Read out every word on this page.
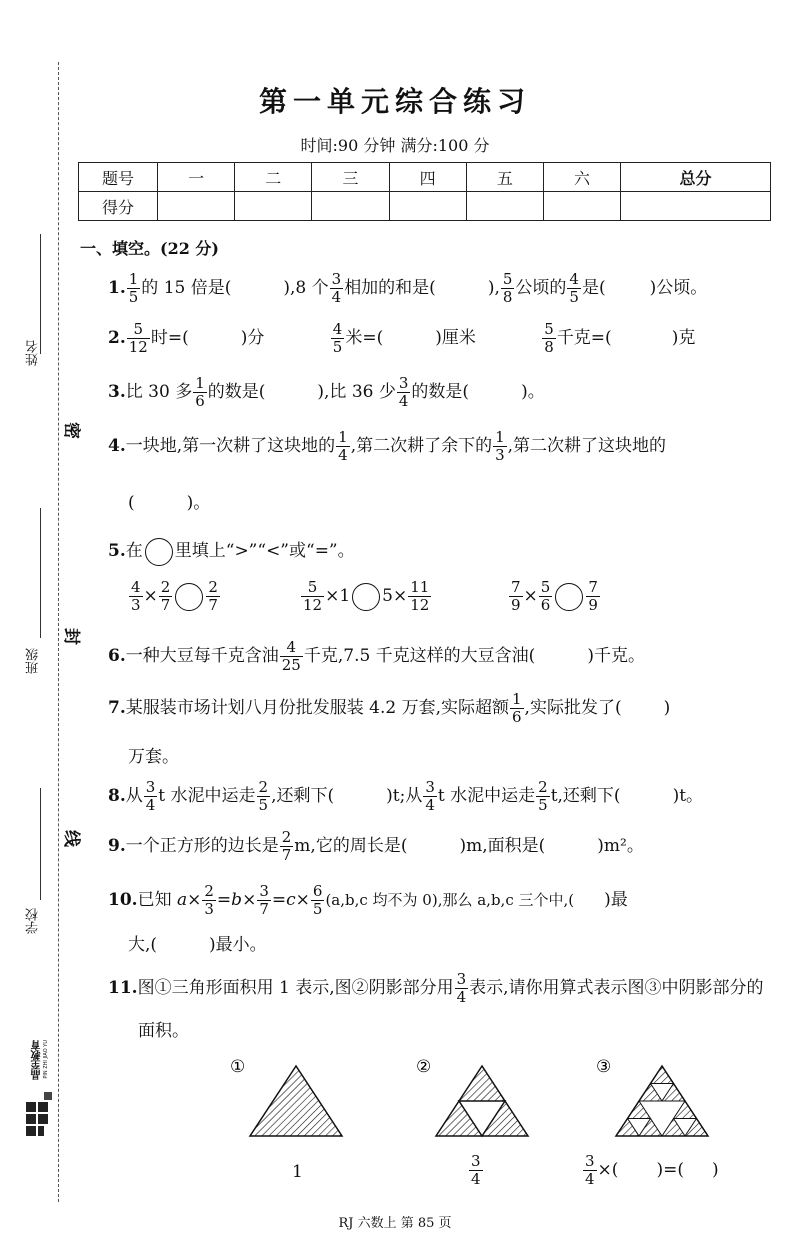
姓名
密
班级
封
线
学校
晶至教育 PIN ZHI JIAO YU
第一单元综合练习
时间:90 分钟 满分:100 分
题号	一	二	三	四	五	六	总分
得分							
一、填空。(22 分)
1. $\frac{1}{5}$ 的 15 倍是(	),8 个 $\frac{3}{4}$ 相加的和是(	), $\frac{5}{8}$ 公顷的 $\frac{4}{5}$ 是(	)公顷。
2. $\frac{5}{12}$ 时=(	)分	$\frac{4}{5}$ 米=(	)厘米	$\frac{5}{8}$ 千克=(	)克
3.比 30 多 $\frac{1}{6}$ 的数是(	),比 36 少 $\frac{3}{4}$ 的数是(	)。
4.一块地,第一次耕了这块地的 $\frac{1}{4}$ ,第二次耕了余下的 $\frac{1}{3}$ ,第二次耕了这块地的
(	)。
5.在 里填上“>”“<”或“=”。
$\frac{4}{3} \times \frac{2}{7} \frac{2}{7}$	$\frac{5}{12} \times 1$ $5\times \frac{11}{12}$	$\frac{7}{9} \times \frac{5}{6} \frac{7}{9}$
6.一种大豆每千克含油 $\frac{4}{25}$ 千克,7.5 千克这样的大豆含油(	)千克。
7.某服装市场计划八月份批发服装 4.2 万套,实际超额 $\frac{1}{6}$ ,实际批发了( )
万套。
8.从 $\frac{3}{4}$ t 水泥中运走 $\frac{2}{5}$ ,还剩下(	)t;从 $\frac{3}{4}$ t 水泥中运走 $\frac{2}{5} t$,还剩下(	)t。
9.一个正方形的边长是 $\frac{2}{7} m$,它的周长是(	)m,面积是(	)m²。
10.已知 $a\times \frac{2}{3} =b\times \frac{3}{7} =c\times \frac{6}{5} (a,b,c$ 均不为 0),那么 a,b,c 三个中,( )最
大,(	)最小。
11.图①三角形面积用 1 表示,图②阴影部分用 $\frac{3}{4}$ 表示,请你用算式表示图③中阴影部分的
面积。
①	②	③
1	$\frac{3}{4}$	$\frac{3}{4}$ ×( )=( )
RJ 六数上 第 85 页
